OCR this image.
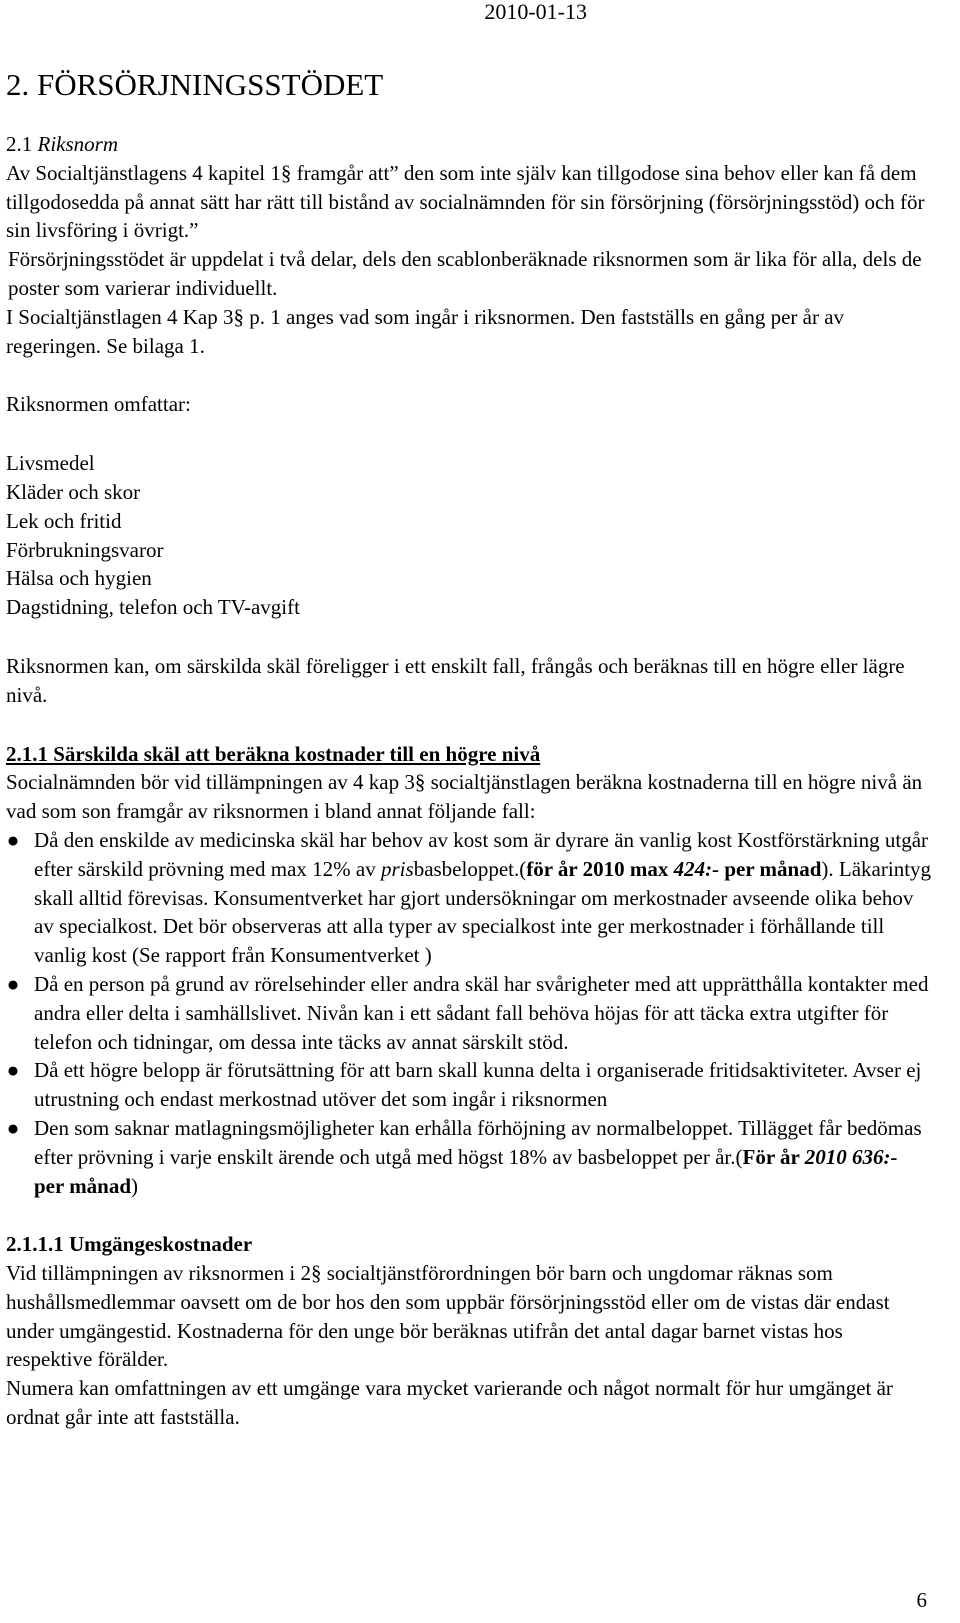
2010-01-13
2. FÖRSÖRJNINGSSTÖDET

2.1 Riksnorm

Av Socialtjänstlagens 4 kapitel 1§ framgår att” den som inte själv kan tillgodose sina behov eller kan få dem tillgodosedda på annat sätt har rätt till bistånd av socialnämnden för sin försörjning (försörjningsstöd) och för sin livsföring i övrigt.”

Försörjningsstödet är uppdelat i två delar, dels den scablonberäknade riksnormen som är lika för alla, dels de poster som varierar individuellt.

I Socialtjänstlagen 4 Kap 3§ p. 1 anges vad som ingår i riksnormen. Den fastställs en gång per år av regeringen. Se bilaga 1.

Riksnormen omfattar:

Livsmedel

Kläder och skor

Lek och fritid

Förbrukningsvaror

Hälsa och hygien

Dagstidning, telefon och TV-avgift

Riksnormen kan, om särskilda skäl föreligger i ett enskilt fall, frångås och beräknas till en högre eller lägre nivå.

2.1.1 Särskilda skäl att beräkna kostnader till en högre nivå

Socialnämnden bör vid tillämpningen av 4 kap 3§ socialtjänstlagen beräkna kostnaderna till en högre nivå än vad som son framgår av riksnormen i bland annat följande fall:

● Då den enskilde av medicinska skäl har behov av kost som är dyrare än vanlig kost Kostförstärkning utgår efter särskild prövning med max 12% av prisbasbeloppet.(för år 2010 max 424:- per månad). Läkarintyg skall alltid förevisas. Konsumentverket har gjort undersökningar om merkostnader avseende olika behov av specialkost. Det bör observeras att alla typer av specialkost inte ger merkostnader i förhållande till vanlig kost (Se rapport från Konsumentverket )
● Då en person på grund av rörelsehinder eller andra skäl har svårigheter med att upprätthålla kontakter med andra eller delta i samhällslivet. Nivån kan i ett sådant fall behöva höjas för att täcka extra utgifter för telefon och tidningar, om dessa inte täcks av annat särskilt stöd.
● Då ett högre belopp är förutsättning för att barn skall kunna delta i organiserade fritidsaktiviteter. Avser ej utrustning och endast merkostnad utöver det som ingår i riksnormen
● Den som saknar matlagningsmöjligheter kan erhålla förhöjning av normalbeloppet. Tillägget får bedömas efter prövning i varje enskilt ärende och utgå med högst 18% av basbeloppet per år.(För år 2010 636:- per månad)

2.1.1.1 Umgängeskostnader

Vid tillämpningen av riksnormen i 2§ socialtjänstförordningen bör barn och ungdomar räknas som hushållsmedlemmar oavsett om de bor hos den som uppbär försörjningsstöd eller om de vistas där endast under umgängestid. Kostnaderna för den unge bör beräknas utifrån det antal dagar barnet vistas hos respektive förälder.

Numera kan omfattningen av ett umgänge vara mycket varierande och något normalt för hur umgänget är ordnat går inte att fastställa.

6
